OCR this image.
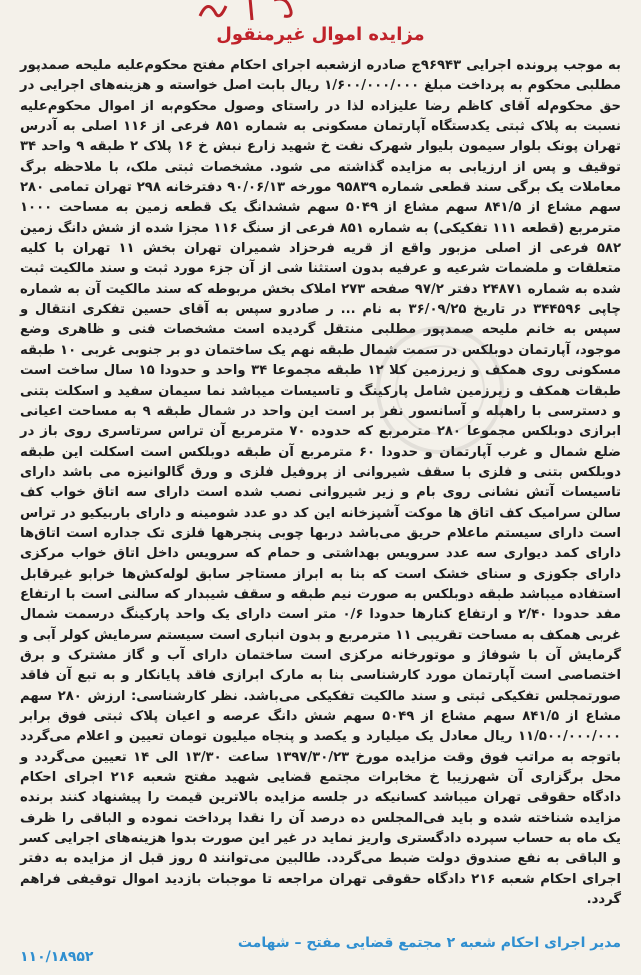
مزایده اموال غیرمنقول

به موجب پرونده اجرایی ۹۶۹۴۳ج صادره ازشعبه اجرای احکام مفتح محکوم‌علیه ملیحه صمدپور مطلبی محکوم به پرداخت مبلغ ۱/۶۰۰/۰۰۰/۰۰۰ ریال بابت اصل خواسته و هزینه‌های اجرایی در حق محکوم‌له آقای کاظم رضا علیزاده لذا در راستای وصول محکوم‌به از اموال محکوم‌علیه نسبت به پلاک ثبتی یکدستگاه آپارتمان مسکونی به شماره ۸۵۱ فرعی از ۱۱۶ اصلی به آدرس تهران پونک بلوار سیمون بلیوار شهرک نفت خ شهید زارع نبش خ ۱۶ پلاک ۲ طبقه ۹ واحد ۳۴ توقیف و پس از ارزیابی به مزایده گذاشته می شود. مشخصات ثبتی ملک، با ملاحظه برگ معاملات یک برگی سند قطعی شماره ۹۵۸۳۹ مورخه ۹۰/۰۶/۱۳ دفترخانه ۲۹۸ تهران تمامی ۲۸۰ سهم مشاع از ۸۴۱/۵ سهم مشاع از ۵۰۴۹ سهم ششدانگ یک قطعه زمین به مساحت ۱۰۰۰ مترمربع (قطعه ۱۱۱ تفکیکی) به شماره ۸۵۱ فرعی از سنگ ۱۱۶ مجزا شده از شش دانگ زمین ۵۸۲ فرعی از اصلی مزبور واقع از قریه فرحزاد شمیران تهران بخش ۱۱ تهران با کلیه متعلقات و ملضمات شرعیه و عرفیه بدون استثنا شی از آن جزء مورد ثبت و سند مالکیت ثبت شده به شماره ۲۴۸۷۱ دفتر ۹۷/۲ صفحه ۲۷۳ املاک بخش مربوطه که سند مالکیت آن به شماره چاپی ۳۴۴۵۹۶ در تاریخ ۳۶/۰۹/۲۵ به نام ... ر صادرو سپس به آقای حسین تفکری انتقال و سپس به خانم ملیحه صمدپور مطلبی منتقل گردیده است مشخصات فنی و ظاهری وضع موجود، آپارتمان دوبلکس در سمت شمال طبقه نهم یک ساختمان دو بر جنوبی غربی ۱۰ طبقه مسکونی روی همکف و زیرزمین کلا ۱۲ طبقه مجموعا ۳۴ واحد و حدودا ۱۵ سال ساخت است طبقات همکف و زیرزمین شامل پارکینگ و تاسیسات میباشد نما سیمان سفید و اسکلت بتنی و دسترسی با راهپله و آسانسور نفر بر است این واحد در شمال طبقه ۹ به مساحت اعیانی ابرازی دوبلکس مجموعا ۲۸۰ مترمربع که حدوده ۷۰ مترمربع آن تراس سرتاسری روی باز در ضلع شمال و غرب آپارتمان و حدودا ۶۰ مترمربع آن طبقه دوبلکس است اسکلت این طبقه دوبلکس بتنی و فلزی با سقف شیروانی از پروفیل فلزی و ورق گالوانیزه می باشد دارای تاسیسات آتش نشانی روی بام و زیر شیروانی نصب شده است دارای سه اتاق خواب کف سالن سرامیک کف اتاق ها موکت آشپزخانه این کد دو عدد شومینه و دارای باربیکیو در تراس است دارای سیستم ماعلام حریق می‌باشد دربها چوبی پنجرهها فلزی تک جداره است اتاق‌ها دارای کمد دیواری سه عدد سرویس بهداشتی و حمام که سرویس داخل اتاق خواب مرکزی دارای جکوزی و سنای خشک است که بنا به ابراز مستاجر سابق لوله‌کش‌ها خرابو غیرقابل استفاده میباشد طبقه دوبلکس به صورت نیم طبقه و سقف شیبدار که سالنی است با ارتفاع مفد حدودا ۲/۴۰ و ارتفاع کنارها حدودا ۰/۶ متر است دارای یک واحد پارکینگ درسمت شمال غربی همکف به مساحت تقریبی ۱۱ مترمربع و بدون انباری است سیستم سرمایش کولر آبی و گرمایش آن با شوفاژ و موتورخانه مرکزی است ساختمان دارای آب و گاز مشترک و برق اختصاصی است آپارتمان مورد کارشناسی بنا به مارک ابرازی فاقد پایانکار و به تبع آن فاقد صورتمجلس تفکیکی ثبتی و سند مالکیت تفکیکی می‌باشد. نظر کارشناسی: ارزش ۲۸۰ سهم مشاع از ۸۴۱/۵ سهم مشاع از ۵۰۴۹ سهم شش دانگ عرصه و اعیان پلاک ثبتی فوق برابر ۱۱/۵۰۰/۰۰۰/۰۰۰ ریال معادل یک میلیارد و یکصد و پنجاه میلیون تومان تعیین و اعلام می‌گردد باتوجه به مراتب فوق وقت مزایده مورخ ۱۳۹۷/۳۰/۲۳ ساعت ۱۳/۳۰ الی ۱۴ تعیین می‌گردد و محل برگزاری آن شهرزیبا خ مخابرات مجتمع قضایی شهید مفتح شعبه ۲۱۶ اجرای احکام دادگاه حقوقی تهران میباشد کسانیکه در جلسه مزایده بالاترین قیمت را پیشنهاد کنند برنده مزایده شناخته شده و باید فی‌المجلس ده درصد آن را نقدا پرداخت نموده و الباقی را ظرف یک ماه به حساب سپرده دادگستری واریز نماید در غیر این صورت بدوا هزینه‌های اجرایی کسر و الباقی به نفع صندوق دولت ضبط می‌گردد. طالبین می‌توانند ۵ روز قبل از مزایده به دفتر اجرای احکام شعبه ۲۱۶ دادگاه حقوقی تهران مراجعه تا موجبات بازدید اموال توقیفی فراهم گردد.

۱۱۰/۱۸۹۵۲
مدیر اجرای احکام شعبه ۲ مجتمع قضایی مفتح – شهامت
